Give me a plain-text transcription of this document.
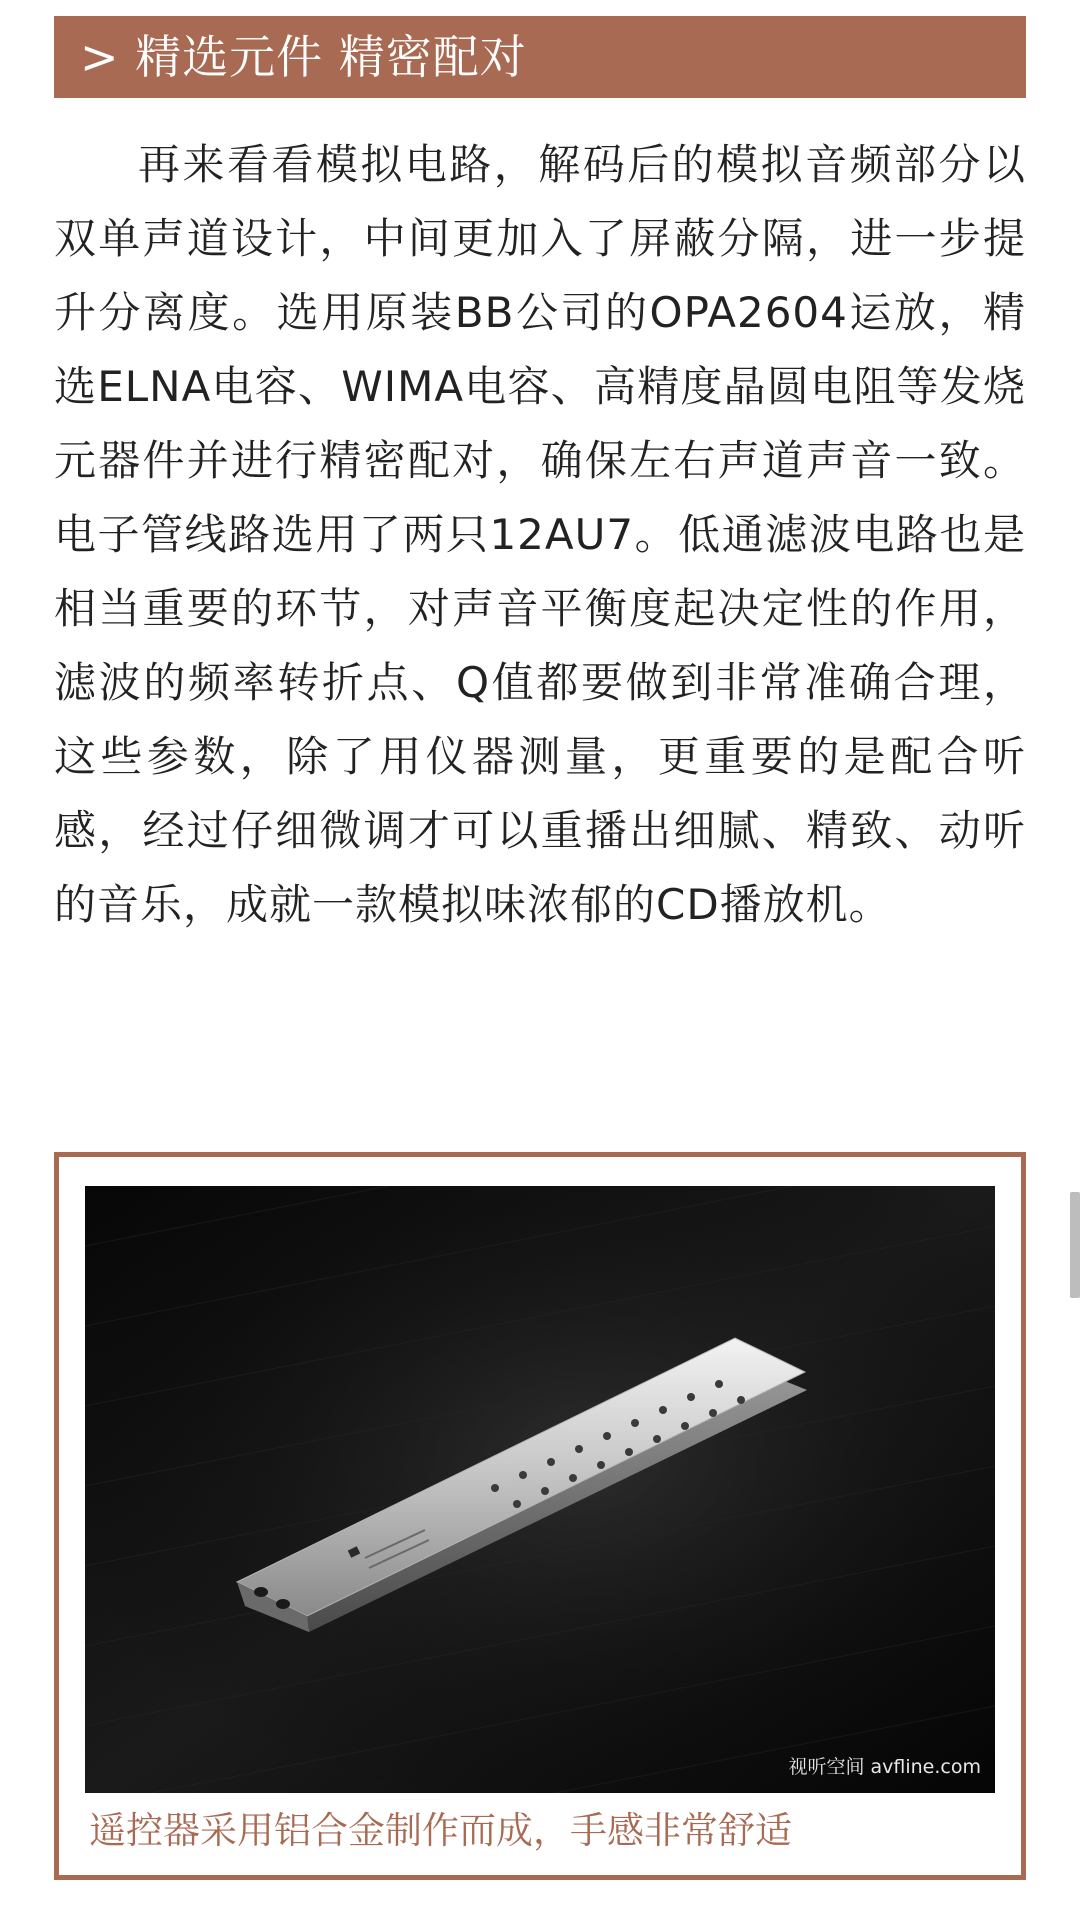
> 精选元件 精密配对

再来看看模拟电路，解码后的模拟音频部分以双单声道设计，中间更加入了屏蔽分隔，进一步提升分离度。选用原装BB公司的OPA2604运放，精选ELNA电容、WIMA电容、高精度晶圆电阻等发烧元器件并进行精密配对，确保左右声道声音一致。电子管线路选用了两只12AU7。低通滤波电路也是相当重要的环节，对声音平衡度起决定性的作用，滤波的频率转折点、Q值都要做到非常准确合理，这些参数，除了用仪器测量，更重要的是配合听感，经过仔细微调才可以重播出细腻、精致、动听的音乐，成就一款模拟味浓郁的CD播放机。

视听空间 avfline.com
遥控器采用铝合金制作而成，手感非常舒适
